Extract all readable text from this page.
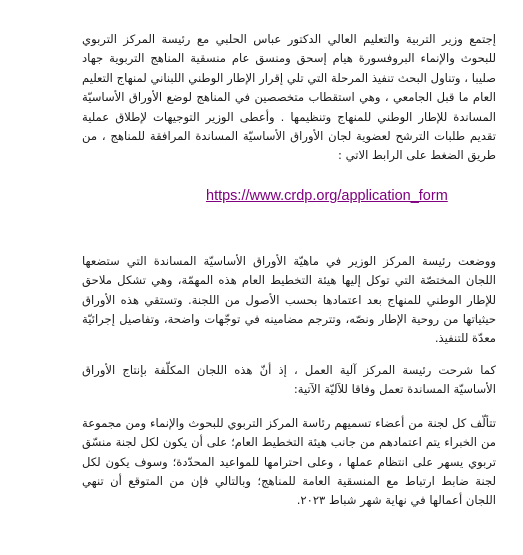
إجتمع وزير التربية والتعليم العالي الدكتور عباس الحلبي مع رئيسة المركز التربوي للبحوث والإنماء البروفسورة هيام إسحق ومنسق عام منسقية المناهج التربوية جهاد صليبا ، وتناول البحث تنفيذ المرحلة التي تلي إقرار الإطار الوطني اللبناني لمنهاج التعليم العام ما قبل الجامعي ، وهي استقطاب متخصصين في المناهج لوضع الأوراق الأساسيّة المساندة للإطار الوطني للمنهاج وتنظيمها . وأعطى الوزير التوجيهات لإطلاق عملية تقديم طلبات الترشح لعضوية لجان الأوراق الأساسيّة المساندة المرافقة للمناهج ، من طريق الضغط على الرابط الاتي :

https://www.crdp.org/application_form

ووضعت رئيسة المركز الوزير في ماهيّة الأوراق الأساسيّة المساندة التي ستضعها اللجان المختصّة التي توكل إليها هيئة التخطيط العام هذه المهمّة، وهي تشكل ملاحق للإطار الوطني للمنهاج بعد اعتمادها بحسب الأصول من اللجنة. وتستقي هذه الأوراق حيثياتها من روحية الإطار ونصّه، وتترجم مضامينه في توجّهات واضحة، وتفاصيل إجرائيّة معدّة للتنفيذ.

كما شرحت رئيسة المركز آلية العمل ، إذ أنّ هذه اللجان المكلّفة بإنتاج الأوراق الأساسيّة المساندة تعمل وفاقا للآليّة الآتية:

تتألّف كل لجنة من أعضاء تسميهم رئاسة المركز التربوي للبحوث والإنماء ومن مجموعة من الخبراء يتم اعتمادهم من جانب هيئة التخطيط العام؛ على أن يكون لكل لجنة منسّق تربوي يسهر على انتظام عملها ، وعلى احترامها للمواعيد المحدّدة؛ وسوف يكون لكل لجنة ضابط ارتباط مع المنسقية العامة للمناهج؛ وبالتالي فإن من المتوقع أن تنهي اللجان أعمالها في نهاية شهر شباط ٢٠٢٣.
